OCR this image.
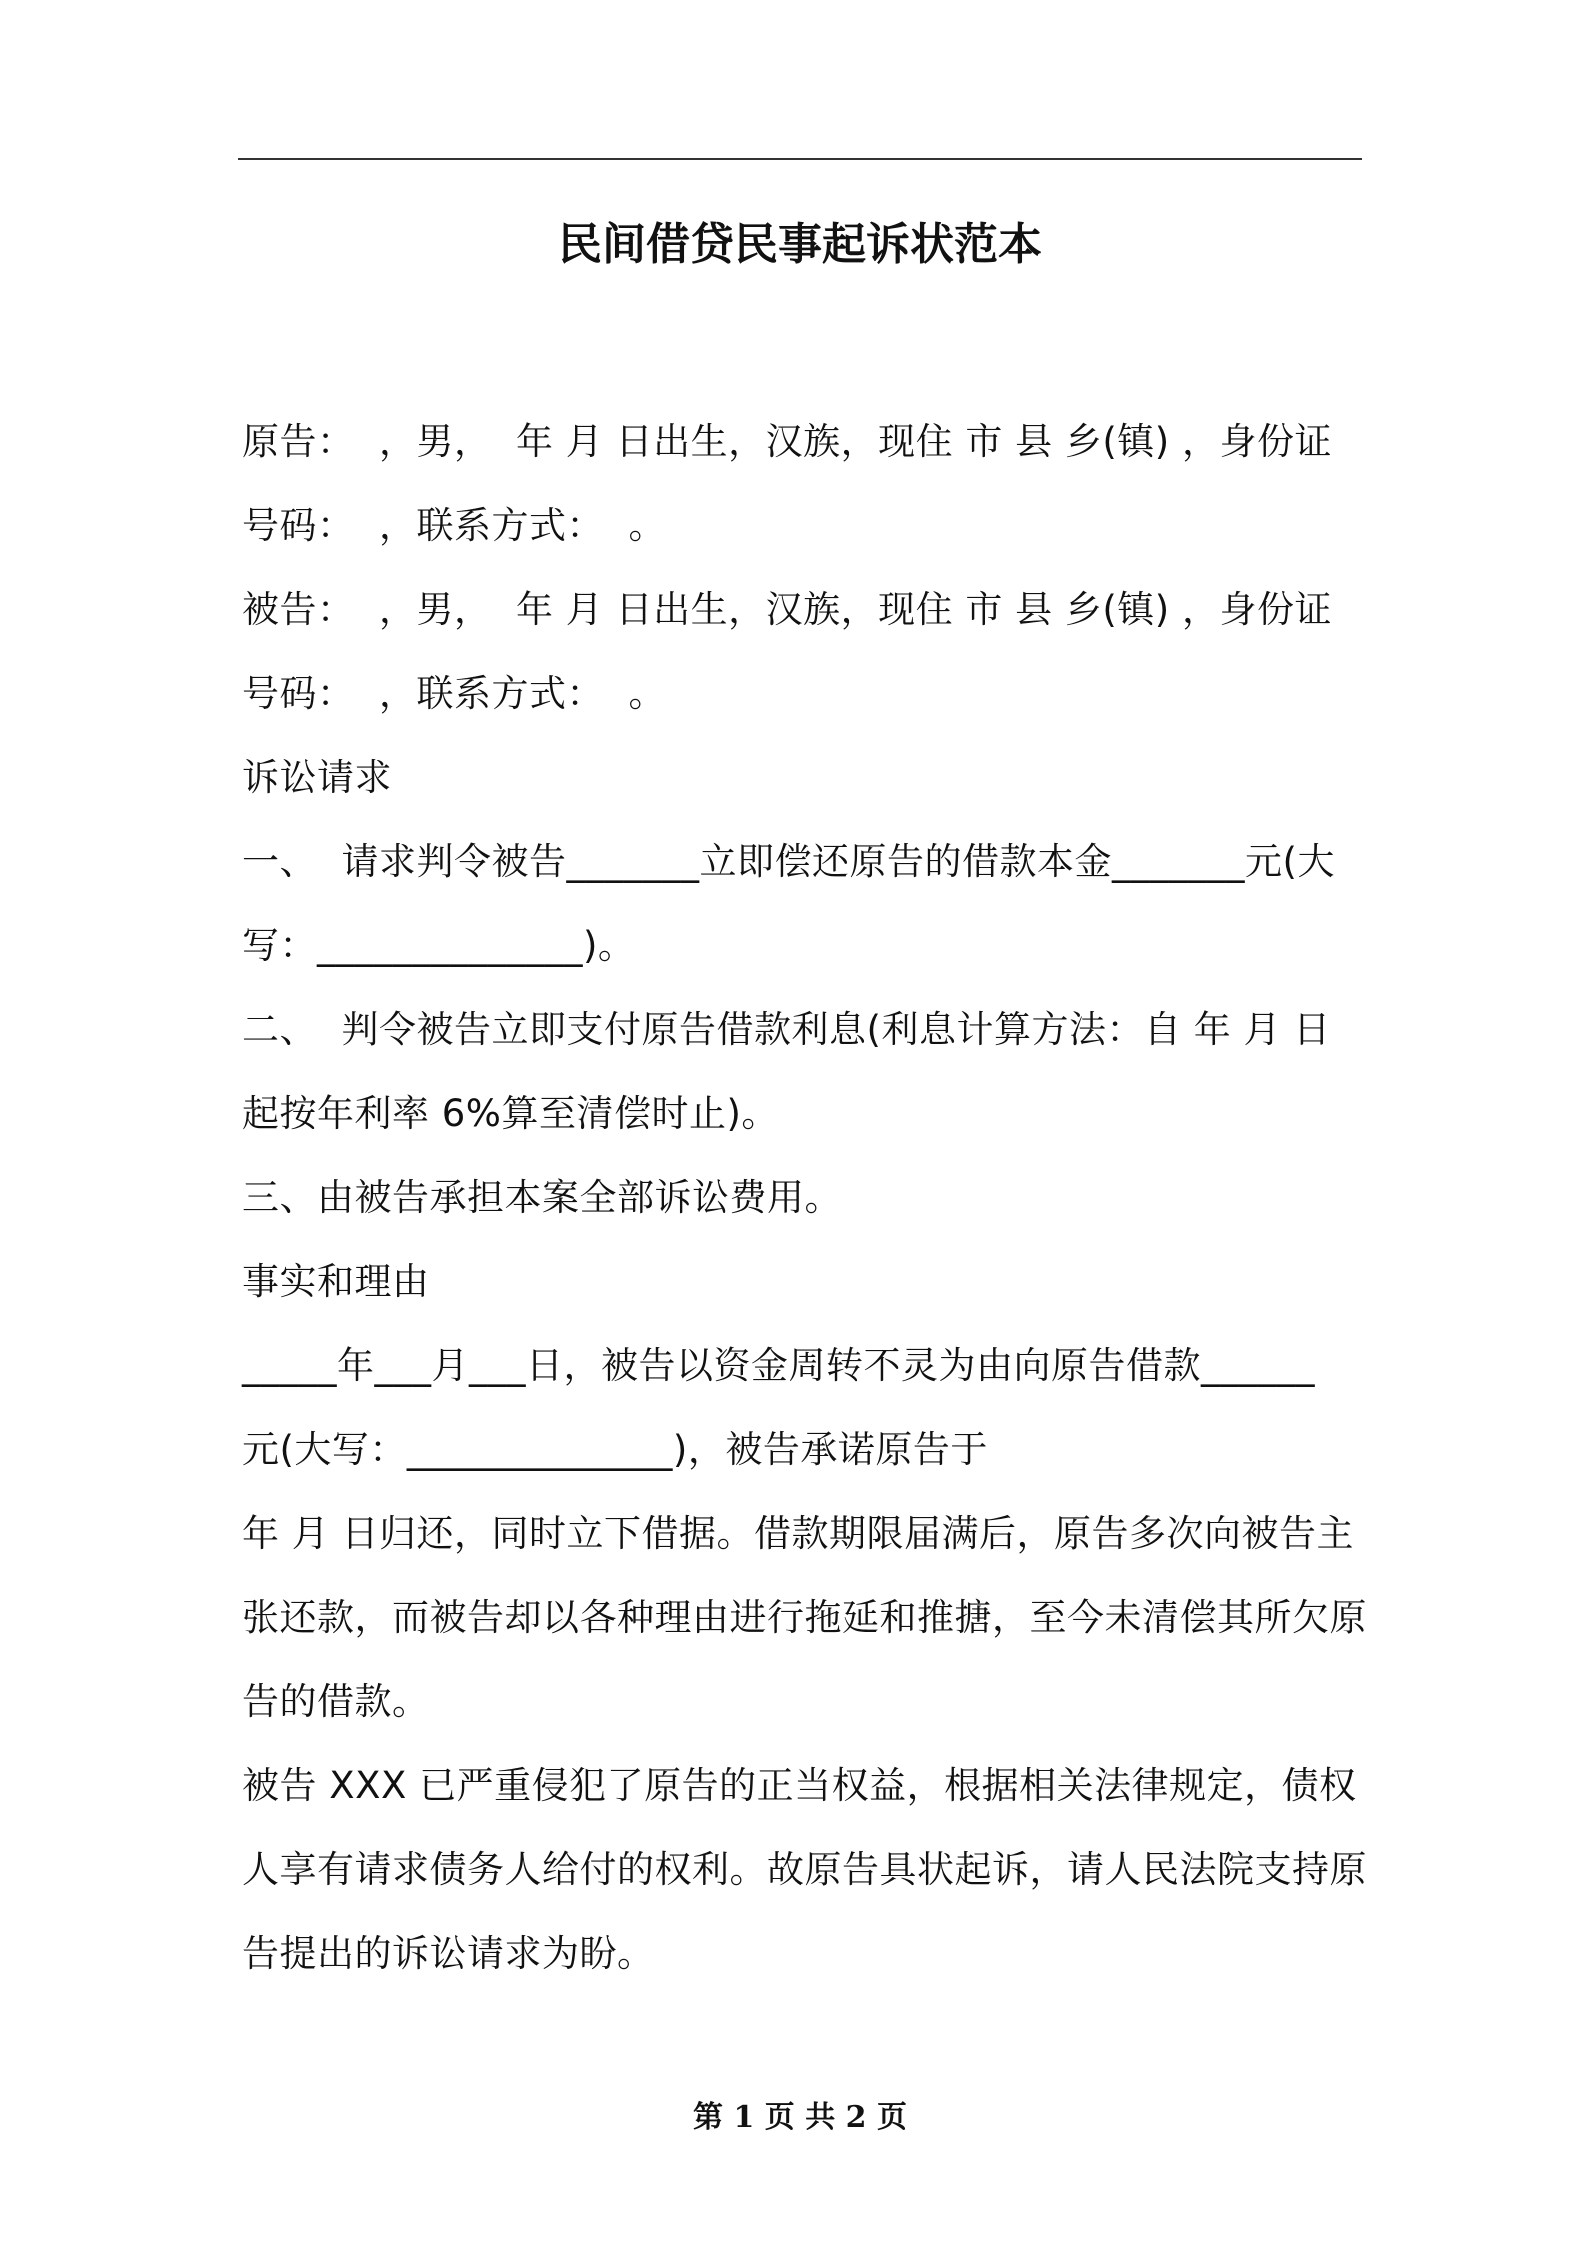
民间借贷民事起诉状范本

原告：  ，男，  年 月 日出生，汉族，现住 市 县 乡(镇) ，身份证

号码：  ，联系方式：  。

被告：  ，男，  年 月 日出生，汉族，现住 市 县 乡(镇) ，身份证

号码：  ，联系方式：  。

诉讼请求

一、  请求判令被告_______立即偿还原告的借款本金_______元(大

写：______________)。

二、  判令被告立即支付原告借款利息(利息计算方法：自 年 月 日

起按年利率 6%算至清偿时止)。

三、由被告承担本案全部诉讼费用。

事实和理由

_____年___月___日，被告以资金周转不灵为由向原告借款______

元(大写：______________)，被告承诺原告于

年 月 日归还，同时立下借据。借款期限届满后，原告多次向被告主

张还款，而被告却以各种理由进行拖延和推搪，至今未清偿其所欠原

告的借款。

被告 XXX 已严重侵犯了原告的正当权益，根据相关法律规定，债权

人享有请求债务人给付的权利。故原告具状起诉，请人民法院支持原

告提出的诉讼请求为盼。

第 1 页 共 2 页
